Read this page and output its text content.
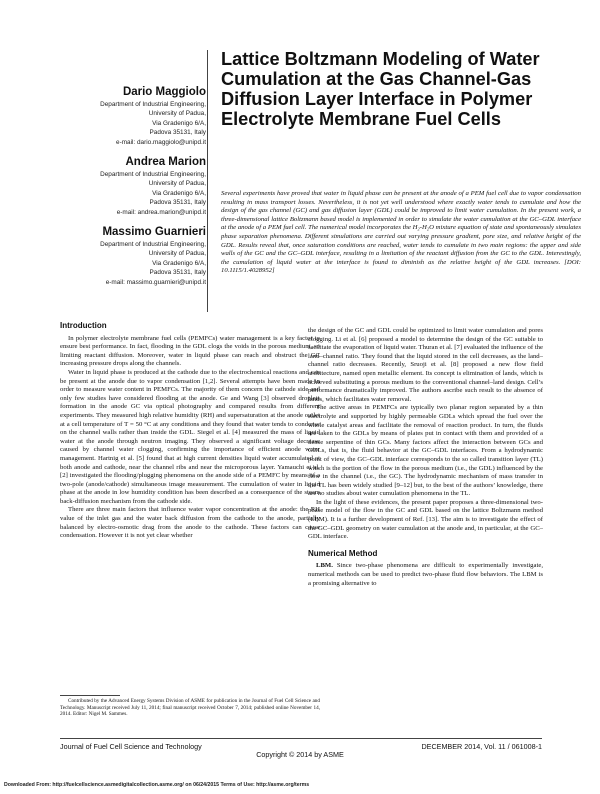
Dario Maggiolo
Department of Industrial Engineering,
University of Padua,
Via Gradenigo 6/A,
Padova 35131, Italy
e-mail: dario.maggiolo@unipd.it
Andrea Marion
Department of Industrial Engineering,
University of Padua,
Via Gradenigo 6/A,
Padova 35131, Italy
e-mail: andrea.marion@unipd.it
Massimo Guarnieri
Department of Industrial Engineering,
University of Padua,
Via Gradenigo 6/A,
Padova 35131, Italy
e-mail: massimo.guarnieri@unipd.it
Lattice Boltzmann Modeling of Water Cumulation at the Gas Channel-Gas Diffusion Layer Interface in Polymer Electrolyte Membrane Fuel Cells

Several experiments have proved that water in liquid phase can be present at the anode of a PEM fuel cell due to vapor condensation resulting in mass transport losses. Nevertheless, it is not yet well understood where exactly water tends to cumulate and how the design of the gas channel (GC) and gas diffusion layer (GDL) could be improved to limit water cumulation. In the present work, a three-dimensional lattice Boltzmann based model is implemented in order to simulate the water cumulation at the GC–GDL interface at the anode of a PEM fuel cell. The numerical model incorporates the H₂-H₂O mixture equation of state and spontaneously simulates phase separation phenomena. Different simulations are carried out varying pressure gradient, pore size, and relative height of the GDL. Results reveal that, once saturation conditions are reached, water tends to cumulate in two main regions: the upper and side walls of the GC and the GC–GDL interface, resulting in a limitation of the reactant diffusion from the GC to the GDL. Interestingly, the cumulation of liquid water at the interface is found to diminish as the relative height of the GDL increases. [DOI: 10.1115/1.4028952]

Introduction

In polymer electrolyte membrane fuel cells (PEMFCs) water management is a key factor to ensure best performance. In fact, flooding in the GDL clogs the voids in the porous medium, so limiting reactant diffusion. Moreover, water in liquid phase can reach and obstruct the GC increasing pressure drops along the channels.

Water in liquid phase is produced at the cathode due to the electrochemical reactions and can be present at the anode due to vapor condensation [1,2]. Several attempts have been made in order to measure water content in PEMFCs. The majority of them concern the cathode side and only few studies have considered flooding at the anode. Ge and Wang [3] observed droplets formation in the anode GC via optical photography and compared results from different experiments. They measured high relative humidity (RH) and supersaturation at the anode outlet at a cell temperature of T = 50 °C at any conditions and they found that water tends to condense on the channel walls rather than inside the GDL. Siegel et al. [4] measured the mass of liquid water at the anode through neutron imaging. They observed a significant voltage decrease caused by channel water clogging, confirming the importance of efficient anode water management. Hartnig et al. [5] found that at high current densities liquid water accumulated at both anode and cathode, near the channel ribs and near the microporous layer. Yamauchi et al. [2] investigated the flooding/plugging phenomena on the anode side of a PEMFC by means of a two-pole (anode/cathode) simultaneous image measurement. The cumulation of water in liquid phase at the anode in low humidity condition has been described as a consequence of the steam back-diffusion mechanism from the cathode side.

There are three main factors that influence water vapor concentration at the anode: the RH value of the inlet gas and the water back diffusion from the cathode to the anode, partially balanced by electro-osmotic drag from the anode to the cathode. These factors can cause condensation. However it is not yet clear whether

the design of the GC and GDL could be optimized to limit water cumulation and pores clogging. Li et al. [6] proposed a model to determine the design of the GC suitable to facilitate the evaporation of liquid water. Thuran et al. [7] evaluated the influence of the land–channel ratio. They found that the liquid stored in the cell decreases, as the land–channel ratio decreases. Recently, Sruoji et al. [8] proposed a new flow field architecture, named open metallic element. Its concept is elimination of lands, which is achieved substituting a porous medium to the conventional channel–land design. Cell’s performance dramatically improved. The authors ascribe such result to the absence of lands, which facilitates water removal.

The active areas in PEMFCs are typically two planar region separated by a thin electrolyte and supported by highly permeable GDLs which spread the fuel over the whole catalyst areas and facilitate the removal of reaction product. In turn, the fluids are taken to the GDLs by means of plates put in contact with them and provided of a dense serpentine of thin GCs. Many factors affect the interaction between GCs and GDLs, that is, the fluid behavior at the GC–GDL interfaces. From a hydrodynamic point of view, the GC–GDL interface corresponds to the so called transition layer (TL) which is the portion of the flow in the porous medium (i.e., the GDL) influenced by the flow in the channel (i.e., the GC). The hydrodynamic mechanism of mass transfer in the TL has been widely studied [9–12] but, to the best of the authors’ knowledge, there are no studies about water cumulation phenomena in the TL.

In the light of these evidences, the present paper proposes a three-dimensional two-phase model of the flow in the GC and GDL based on the lattice Boltzmann method (LBM). It is a further development of Ref. [13]. The aim is to investigate the effect of the GC–GDL geometry on water cumulation at the anode and, in particular, at the GC–GDL interface.

Numerical Method

LBM. Since two-phase phenomena are difficult to experimentally investigate, numerical methods can be used to predict two-phase fluid flow behaviors. The LBM is a promising alternative to

Contributed by the Advanced Energy Systems Division of ASME for publication in the Journal of Fuel Cell Science and Technology. Manuscript received July 11, 2014; final manuscript received October 7, 2014; published online November 14, 2014. Editor: Nigel M. Sammes.

Journal of Fuel Cell Science and Technology	DECEMBER 2014, Vol. 11 / 061008-1
Copyright © 2014 by ASME
Downloaded From: http://fuelcellscience.asmedigitalcollection.asme.org/ on 06/24/2015 Terms of Use: http://asme.org/terms
